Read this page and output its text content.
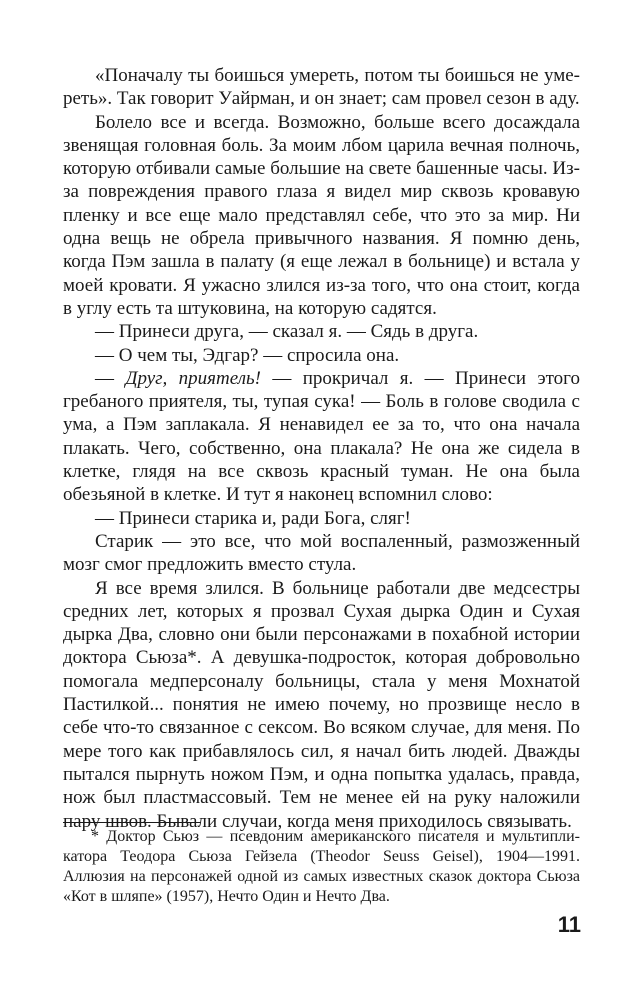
«Поначалу ты боишься умереть, потом ты боишься не умереть». Так говорит Уайрман, и он знает; сам провел сезон в аду.

Болело все и всегда. Возможно, больше всего досаждала звенящая головная боль. За моим лбом царила вечная полночь, которую отбивали самые большие на свете башенные часы. Из-за повреждения правого глаза я видел мир сквозь кровавую пленку и все еще мало представлял себе, что это за мир. Ни одна вещь не обрела привычного названия. Я помню день, когда Пэм зашла в палату (я еще лежал в больнице) и встала у моей кровати. Я ужасно злился из-за того, что она стоит, когда в углу есть та штуковина, на которую садятся.

— Принеси друга, — сказал я. — Сядь в друга.

— О чем ты, Эдгар? — спросила она.

— Друг, приятель! — прокричал я. — Принеси этого гребаного приятеля, ты, тупая сука! — Боль в голове сводила с ума, а Пэм заплакала. Я ненавидел ее за то, что она начала плакать. Чего, собственно, она плакала? Не она же сидела в клетке, глядя на все сквозь красный туман. Не она была обезьяной в клетке. И тут я наконец вспомнил слово:

— Принеси старика и, ради Бога, сляг!

Старик — это все, что мой воспаленный, размозженный мозг смог предложить вместо стула.

Я все время злился. В больнице работали две медсестры средних лет, которых я прозвал Сухая дырка Один и Сухая дырка Два, словно они были персонажами в похабной истории доктора Сьюза*. А девушка-подросток, которая добровольно помогала медперсоналу больницы, стала у меня Мохнатой Пастилкой... понятия не имею почему, но прозвище несло в себе что-то связанное с сексом. Во всяком случае, для меня. По мере того как прибавлялось сил, я начал бить людей. Дважды пытался пырнуть ножом Пэм, и одна попытка удалась, правда, нож был пластмассовый. Тем не менее ей на руку наложили пару швов. Бывали случаи, когда меня приходилось связывать.

* Доктор Сьюз — псевдоним американского писателя и мультипликатора Теодора Сьюза Гейзела (Theodor Seuss Geisel), 1904—1991. Аллюзия на персонажей одной из самых известных сказок доктора Сьюза «Кот в шляпе» (1957), Нечто Один и Нечто Два.

11
